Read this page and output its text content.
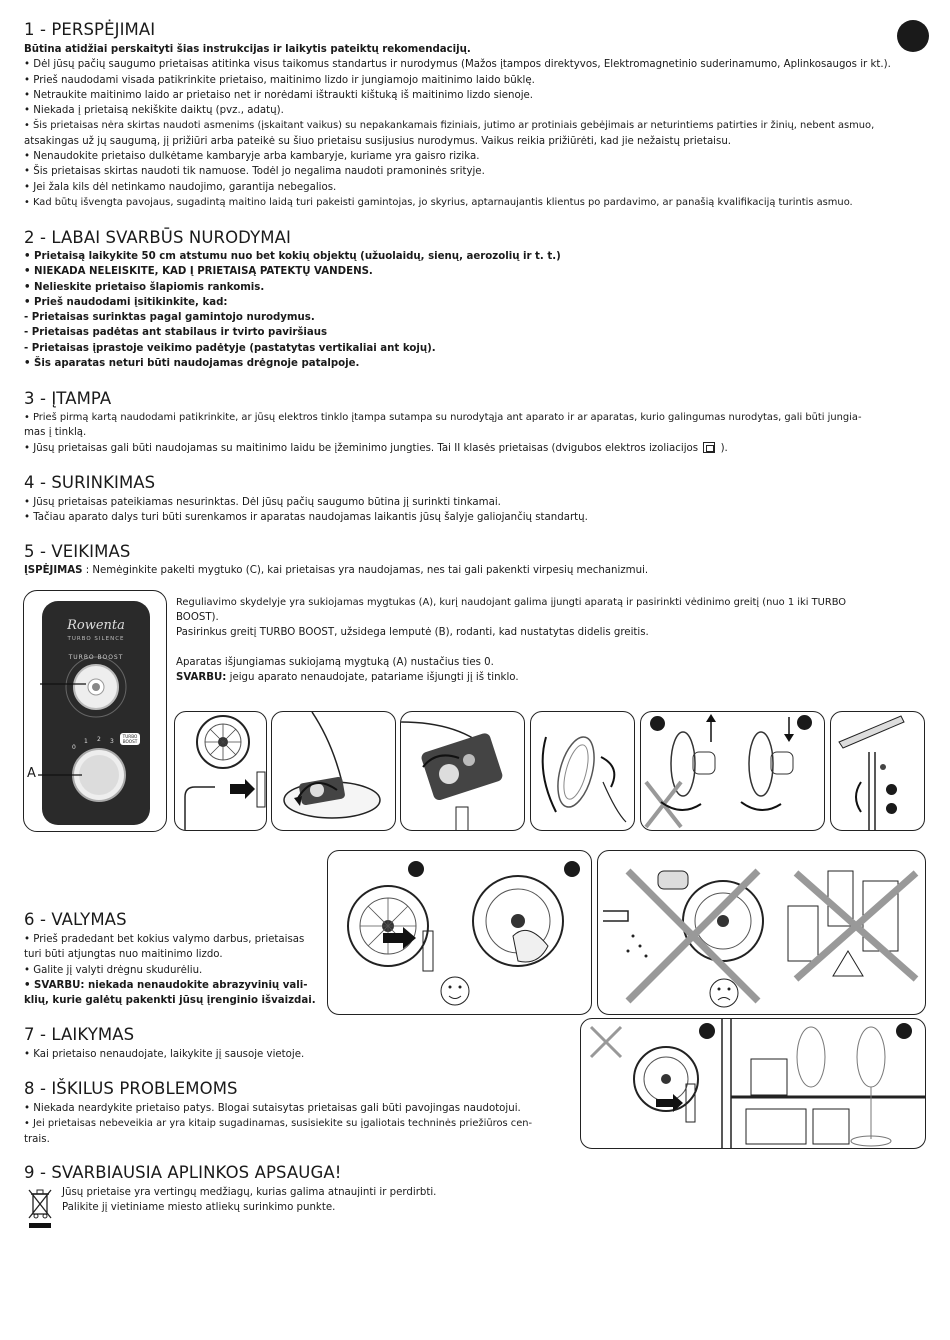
1 - PERSPĖJIMAI

Būtina atidžiai perskaityti šias instrukcijas ir laikytis pateiktų rekomendacijų.

• Dėl jūsų pačių saugumo prietaisas atitinka visus taikomus standartus ir nurodymus (Mažos įtampos direktyvos, Elektromagnetinio suderinamumo, Aplinkosaugos ir kt.).

• Prieš naudodami visada patikrinkite prietaiso, maitinimo lizdo ir jungiamojo maitinimo laido būklę.

• Netraukite maitinimo laido ar prietaiso net ir norėdami ištraukti kištuką iš maitinimo lizdo sienoje.

• Niekada į prietaisą nekiškite daiktų (pvz., adatų).

• Šis prietaisas nėra skirtas naudoti asmenims (įskaitant vaikus) su nepakankamais fiziniais, jutimo ar protiniais gebėjimais ar neturintiems patirties ir žinių, nebent asmuo,

atsakingas už jų saugumą, jį prižiūri arba pateikė su šiuo prietaisu susijusius nurodymus. Vaikus reikia prižiūrėti, kad jie nežaistų prietaisu.

• Nenaudokite prietaiso dulkėtame kambaryje arba kambaryje, kuriame yra gaisro rizika.

• Šis prietaisas skirtas naudoti tik namuose. Todėl jo negalima naudoti pramoninės srityje.

• Jei žala kils dėl netinkamo naudojimo, garantija nebegalios.

• Kad būtų išvengta pavojaus, sugadintą maitino laidą turi pakeisti gamintojas, jo skyrius, aptarnaujantis klientus po pardavimo, ar panašią kvalifikaciją turintis asmuo.

2 - LABAI SVARBŪS NURODYMAI

• Prietaisą laikykite 50 cm atstumu nuo bet kokių objektų (užuolaidų, sienų, aerozolių ir t. t.)

• NIEKADA NELEISKITE, KAD Į PRIETAISĄ PATEKTŲ VANDENS.

• Nelieskite prietaiso šlapiomis rankomis.

• Prieš naudodami įsitikinkite, kad:

- Prietaisas surinktas pagal gamintojo nurodymus.

- Prietaisas padėtas ant stabilaus ir tvirto paviršiaus

- Prietaisas įprastoje veikimo padėtyje (pastatytas vertikaliai ant kojų).

• Šis aparatas neturi būti naudojamas drėgnoje patalpoje.

3 - ĮTAMPA

• Prieš pirmą kartą naudodami patikrinkite, ar jūsų elektros tinklo įtampa sutampa su nurodytąja ant aparato ir ar aparatas, kurio galingumas nurodytas, gali būti jungia-

mas į tinklą.

• Jūsų prietaisas gali būti naudojamas su maitinimo laidu be įžeminimo jungties. Tai II klasės prietaisas (dvigubos elektros izoliacijos ).

4 - SURINKIMAS

• Jūsų prietaisas pateikiamas nesurinktas. Dėl jūsų pačių saugumo būtina jį surinkti tinkamai.

• Tačiau aparato dalys turi būti surenkamos ir aparatas naudojamas laikantis jūsų šalyje galiojančių standartų.

5 - VEIKIMAS

ĮSPĖJIMAS : Nemėginkite pakelti mygtuko (C), kai prietaisas yra naudojamas, nes tai gali pakenkti virpesių mechanizmui.

Rowenta
TURBO SILENCE
TURBO BOOST
TURBO
BOOST
0
1 2 3
A

Reguliavimo skydelyje yra sukiojamas mygtukas (A), kurį naudojant galima įjungti aparatą ir pasirinkti vėdinimo greitį (nuo 1 iki TURBO

BOOST).

Pasirinkus greitį TURBO BOOST, užsidega lemputė (B), rodanti, kad nustatytas didelis greitis.

Aparatas išjungiamas sukiojamą mygtuką (A) nustačius ties 0.

SVARBU: jeigu aparato nenaudojate, patariame išjungti jį iš tinklo.

6 - VALYMAS

• Prieš pradedant bet kokius valymo darbus, prietaisas

turi būti atjungtas nuo maitinimo lizdo.

• Galite jį valyti drėgnu skudurėliu.

• SVARBU: niekada nenaudokite abrazyvinių vali-

klių, kurie galėtų pakenkti jūsų įrenginio išvaizdai.

7 - LAIKYMAS

• Kai prietaiso nenaudojate, laikykite jį sausoje vietoje.

8 - IŠKILUS PROBLEMOMS

• Niekada neardykite prietaiso patys. Blogai sutaisytas prietaisas gali būti pavojingas naudotojui.

• Jei prietaisas nebeveikia ar yra kitaip sugadinamas, susisiekite su įgaliotais techninės priežiūros cen-

trais.

9 - SVARBIAUSIA APLINKOS APSAUGA!

Jūsų prietaise yra vertingų medžiagų, kurias galima atnaujinti ir perdirbti.

Palikite jį vietiniame miesto atliekų surinkimo punkte.
